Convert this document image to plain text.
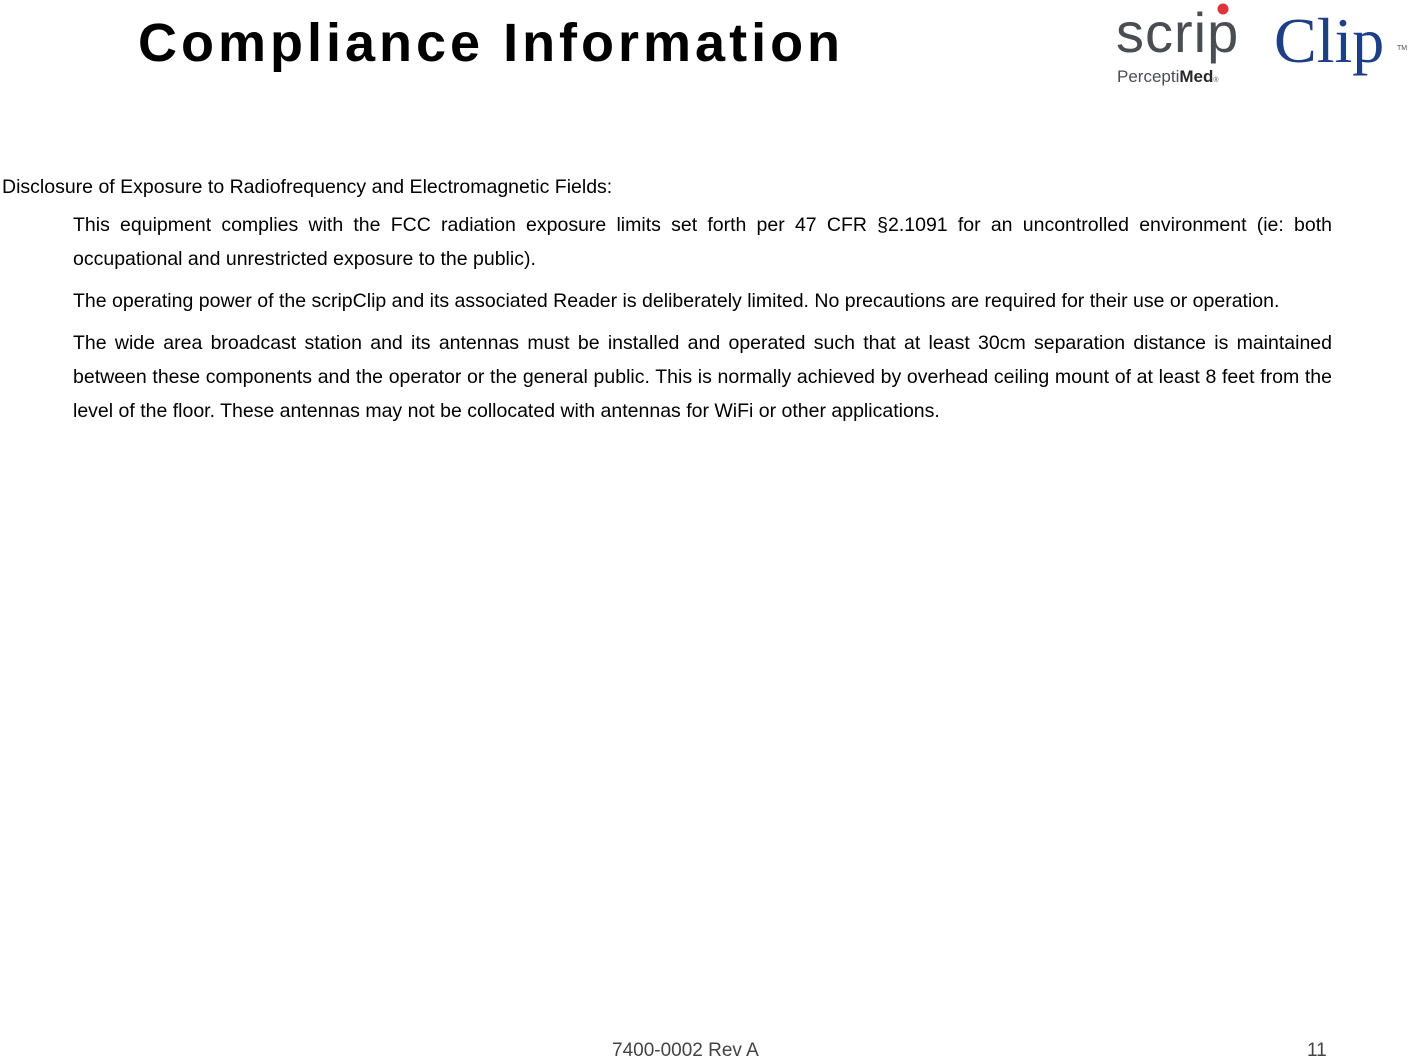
Compliance Information	scrip Clip TM
PerceptiMed®

Disclosure of Exposure to Radiofrequency and Electromagnetic Fields:

This equipment complies with the FCC radiation exposure limits set forth per 47 CFR §2.1091 for an uncontrolled environment (ie: both occupational and unrestricted exposure to the public).

The operating power of the scripClip and its associated Reader is deliberately limited. No precautions are required for their use or operation.

The wide area broadcast station and its antennas must be installed and operated such that at least 30cm separation distance is maintained between these components and the operator or the general public. This is normally achieved by overhead ceiling mount of at least 8 feet from the level of the floor. These antennas may not be collocated with antennas for WiFi or other applications.

7400-0002 Rev A	11
